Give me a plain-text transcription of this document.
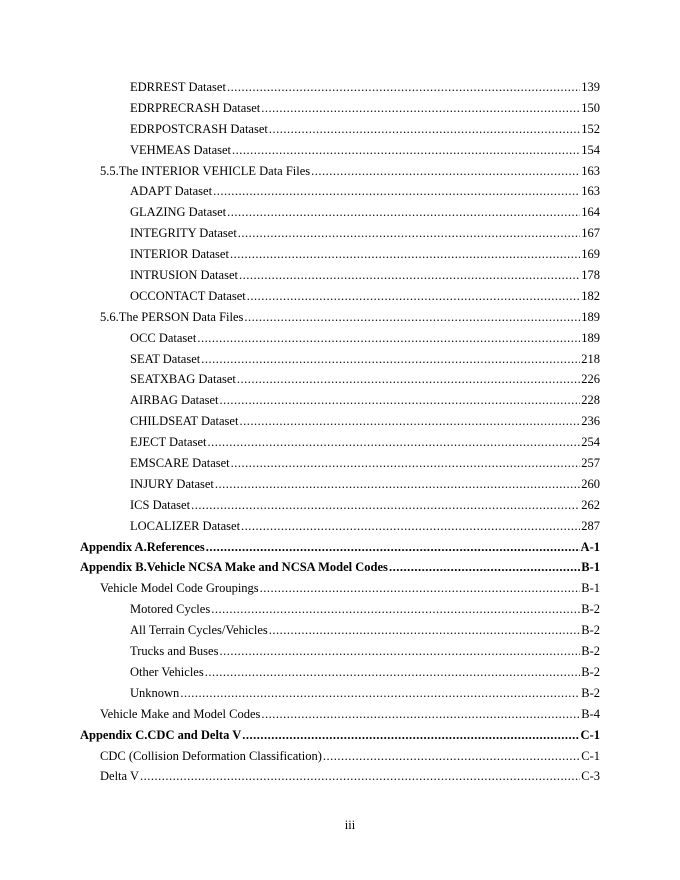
EDRREST Dataset .....	139
EDRPRECRASH Dataset .....	150
EDRPOSTCRASH Dataset .....	152
VEHMEAS Dataset .....	154
5.5. The INTERIOR VEHICLE Data Files .....	163
ADAPT Dataset .....	163
GLAZING Dataset .....	164
INTEGRITY Dataset .....	167
INTERIOR Dataset .....	169
INTRUSION Dataset .....	178
OCCONTACT Dataset .....	182
5.6. The PERSON Data Files .....	189
OCC Dataset .....	189
SEAT Dataset .....	218
SEATXBAG Dataset .....	226
AIRBAG Dataset .....	228
CHILDSEAT Dataset .....	236
EJECT Dataset .....	254
EMSCARE Dataset .....	257
INJURY Dataset .....	260
ICS Dataset .....	262
LOCALIZER Dataset .....	287
Appendix A. References .....	A-1
Appendix B. Vehicle NCSA Make and NCSA Model Codes .....	B-1
Vehicle Model Code Groupings .....	B-1
Motored Cycles .....	B-2
All Terrain Cycles/Vehicles .....	B-2
Trucks and Buses .....	B-2
Other Vehicles .....	B-2
Unknown .....	B-2
Vehicle Make and Model Codes .....	B-4
Appendix C. CDC and Delta V .....	C-1
CDC (Collision Deformation Classification) .....	C-1
Delta V .....	C-3
iii
